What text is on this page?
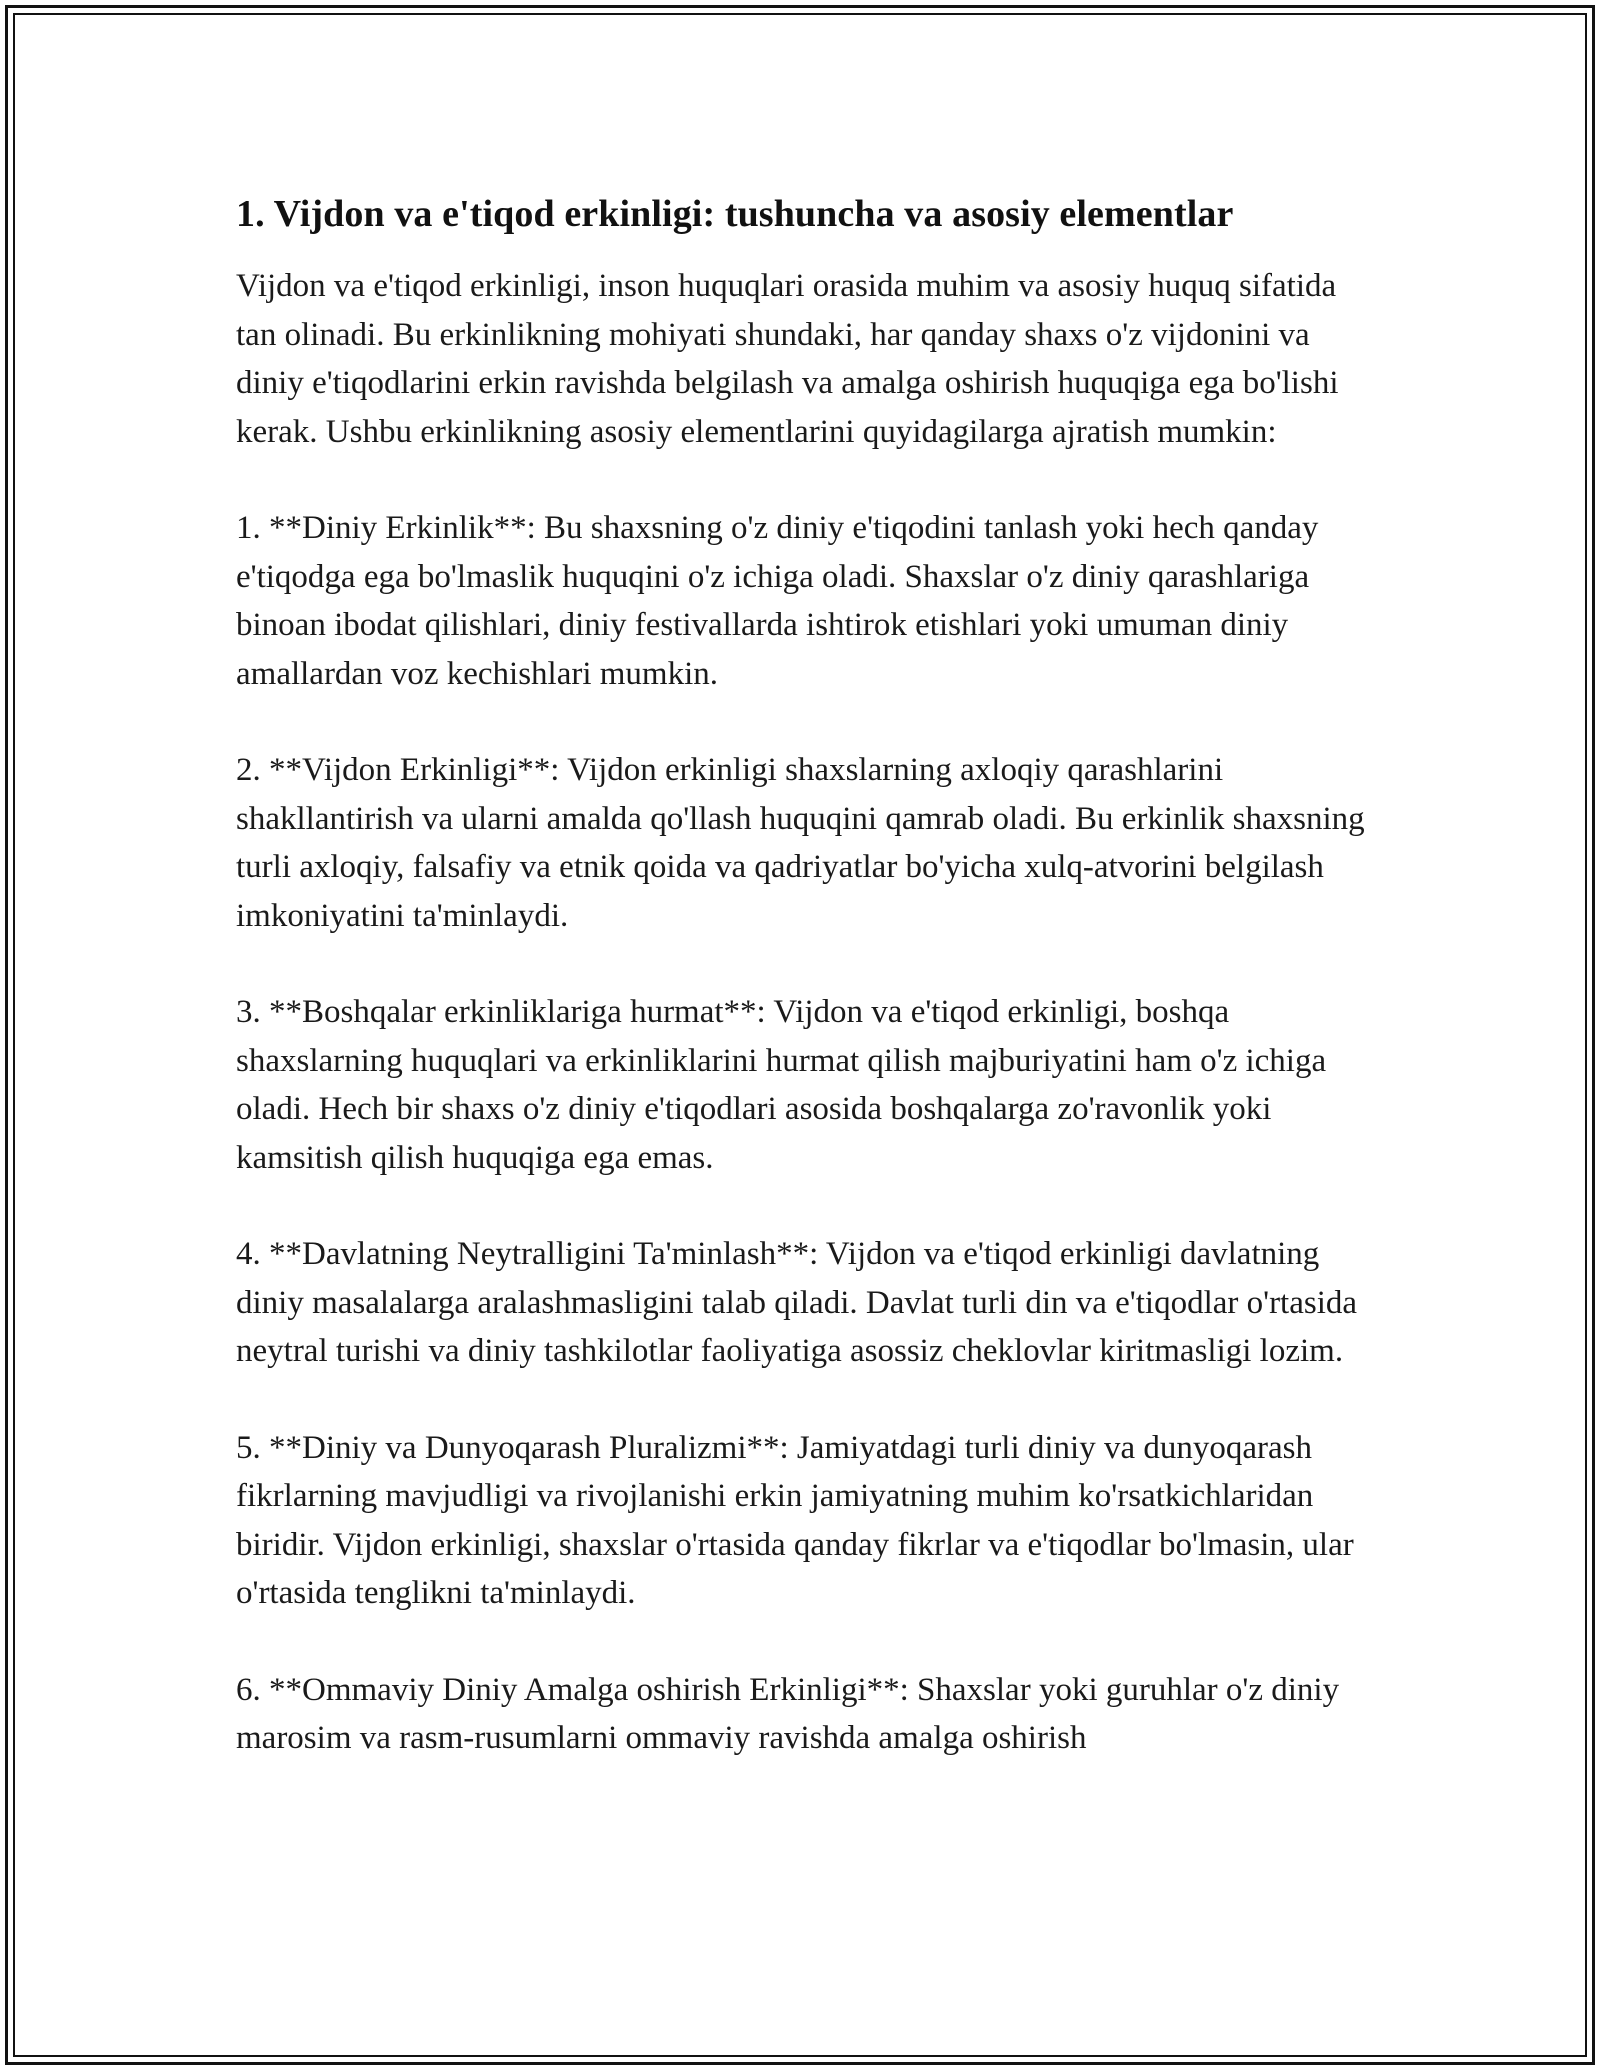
1. Vijdon va e'tiqod erkinligi: tushuncha va asosiy elementlar

Vijdon va e'tiqod erkinligi, inson huquqlari orasida muhim va asosiy huquq sifatida tan olinadi. Bu erkinlikning mohiyati shundaki, har qanday shaxs o'z vijdonini va diniy e'tiqodlarini erkin ravishda belgilash va amalga oshirish huquqiga ega bo'lishi kerak. Ushbu erkinlikning asosiy elementlarini quyidagilarga ajratish mumkin:

1. **Diniy Erkinlik**: Bu shaxsning o'z diniy e'tiqodini tanlash yoki hech qanday e'tiqodga ega bo'lmaslik huquqini o'z ichiga oladi. Shaxslar o'z diniy qarashlariga binoan ibodat qilishlari, diniy festivallarda ishtirok etishlari yoki umuman diniy amallardan voz kechishlari mumkin.

2. **Vijdon Erkinligi**: Vijdon erkinligi shaxslarning axloqiy qarashlarini shakllantirish va ularni amalda qo'llash huquqini qamrab oladi. Bu erkinlik shaxsning turli axloqiy, falsafiy va etnik qoida va qadriyatlar bo'yicha xulq-atvorini belgilash imkoniyatini ta'minlaydi.

3. **Boshqalar erkinliklariga hurmat**: Vijdon va e'tiqod erkinligi, boshqa shaxslarning huquqlari va erkinliklarini hurmat qilish majburiyatini ham o'z ichiga oladi. Hech bir shaxs o'z diniy e'tiqodlari asosida boshqalarga zo'ravonlik yoki kamsitish qilish huquqiga ega emas.

4. **Davlatning Neytralligini Ta'minlash**: Vijdon va e'tiqod erkinligi davlatning diniy masalalarga aralashmasligini talab qiladi. Davlat turli din va e'tiqodlar o'rtasida neytral turishi va diniy tashkilotlar faoliyatiga asossiz cheklovlar kiritmasligi lozim.

5. **Diniy va Dunyoqarash Pluralizmi**: Jamiyatdagi turli diniy va dunyoqarash fikrlarning mavjudligi va rivojlanishi erkin jamiyatning muhim ko'rsatkichlaridan biridir. Vijdon erkinligi, shaxslar o'rtasida qanday fikrlar va e'tiqodlar bo'lmasin, ular o'rtasida tenglikni ta'minlaydi.

6. **Ommaviy Diniy Amalga oshirish Erkinligi**: Shaxslar yoki guruhlar o'z diniy marosim va rasm-rusumlarni ommaviy ravishda amalga oshirish
